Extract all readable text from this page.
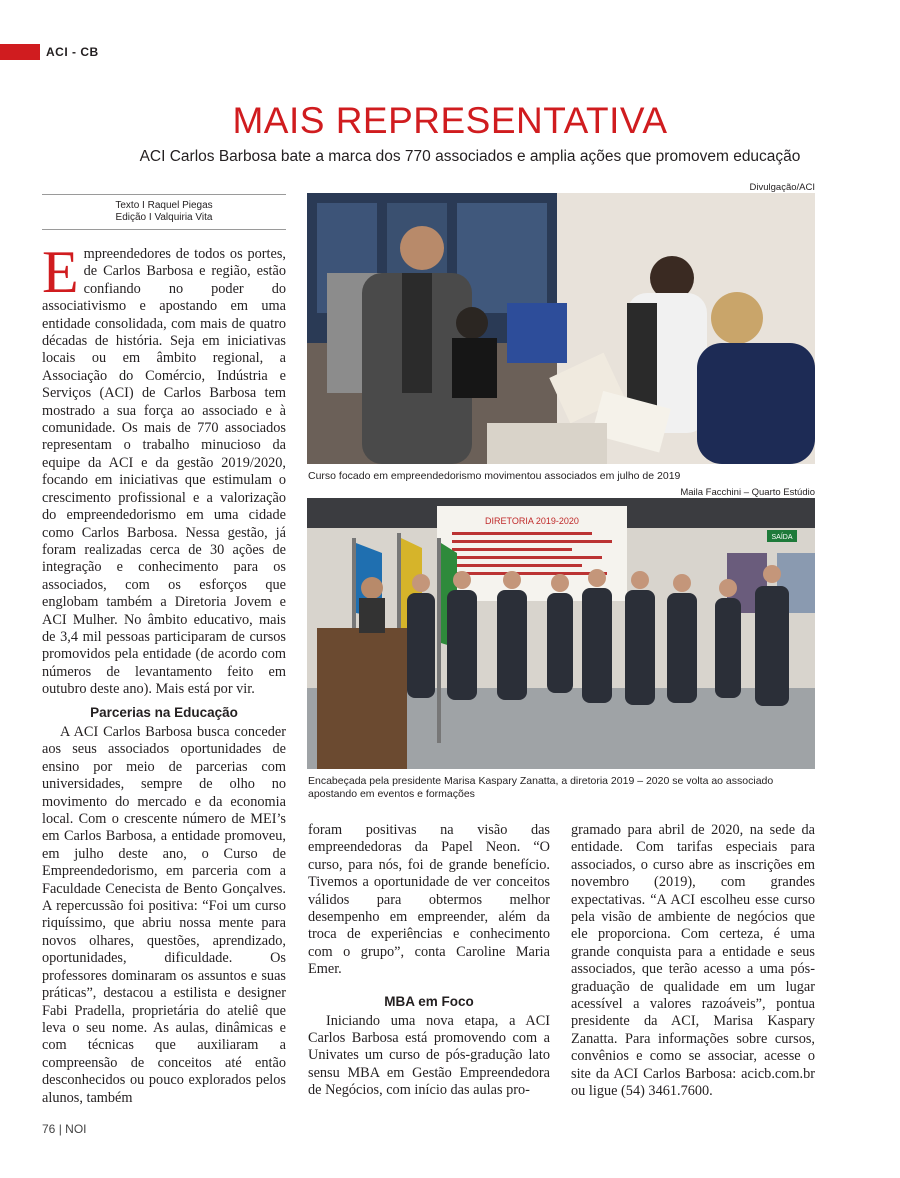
ACI - CB
MAIS REPRESENTATIVA
ACI Carlos Barbosa bate a marca dos 770 associados e amplia ações que promovem educação
Texto I Raquel Piegas
Edição I Valquiria Vita

Empreendedores de todos os portes, de Carlos Barbosa e região, estão confiando no poder do associativismo e apostando em uma entidade consolidada, com mais de quatro décadas de história. Seja em iniciativas locais ou em âmbito regional, a Associação do Comércio, Indústria e Serviços (ACI) de Carlos Barbosa tem mostrado a sua força ao associado e à comunidade. Os mais de 770 associados representam o trabalho minucioso da equipe da ACI e da gestão 2019/2020, focando em iniciativas que estimulam o crescimento profissional e a valorização do empreendedorismo em uma cidade como Carlos Barbosa. Nessa gestão, já foram realizadas cerca de 30 ações de integração e conhecimento para os associados, com os esforços que englobam também a Diretoria Jovem e ACI Mulher. No âmbito educativo, mais de 3,4 mil pessoas participaram de cursos promovidos pela entidade (de acordo com números de levantamento feito em outubro deste ano). Mais está por vir.

Parcerias na Educação

A ACI Carlos Barbosa busca conceder aos seus associados oportunidades de ensino por meio de parcerias com universidades, sempre de olho no movimento do mercado e da economia local. Com o crescente número de MEI’s em Carlos Barbosa, a entidade promoveu, em julho deste ano, o Curso de Empreendedorismo, em parceria com a Faculdade Cenecista de Bento Gonçalves. A repercussão foi positiva: “Foi um curso riquíssimo, que abriu nossa mente para novos olhares, questões, aprendizado, oportunidades, dificuldade. Os professores dominaram os assuntos e suas práticas”, destacou a estilista e designer Fabi Pradella, proprietária do ateliê que leva o seu nome. As aulas, dinâmicas e com técnicas que auxiliaram a compreensão de conceitos até então desconhecidos ou pouco explorados pelos alunos, também

foram positivas na visão das empreendedoras da Papel Neon. “O curso, para nós, foi de grande benefício. Tivemos a oportunidade de ver conceitos válidos para obtermos melhor desempenho em empreender, além da troca de experiências e conhecimento com o grupo”, conta Caroline Maria Emer.

MBA em Foco

Iniciando uma nova etapa, a ACI Carlos Barbosa está promovendo com a Univates um curso de pós-gradução lato sensu MBA em Gestão Empreendedora de Negócios, com início das aulas pro-

gramado para abril de 2020, na sede da entidade. Com tarifas especiais para associados, o curso abre as inscrições em novembro (2019), com grandes expectativas. “A ACI escolheu esse curso pela visão de ambiente de negócios que ele proporciona. Com certeza, é uma grande conquista para a entidade e seus associados, que terão acesso a uma pós-graduação de qualidade em um lugar acessível a valores razoáveis”, pontua presidente da ACI, Marisa Kaspary Zanatta. Para informações sobre cursos, convênios e como se associar, acesse o site da ACI Carlos Barbosa: acicb.com.br ou ligue (54) 3461.7600.

Divulgação/ACI
Curso focado em empreendedorismo movimentou associados em julho de 2019
Maila Facchini – Quarto Estúdio
DIRETORIA 2019-2020
SAÍDA
Encabeçada pela presidente Marisa Kaspary Zanatta, a diretoria 2019 – 2020 se volta ao associado apostando em eventos e formações
76 | NOI
